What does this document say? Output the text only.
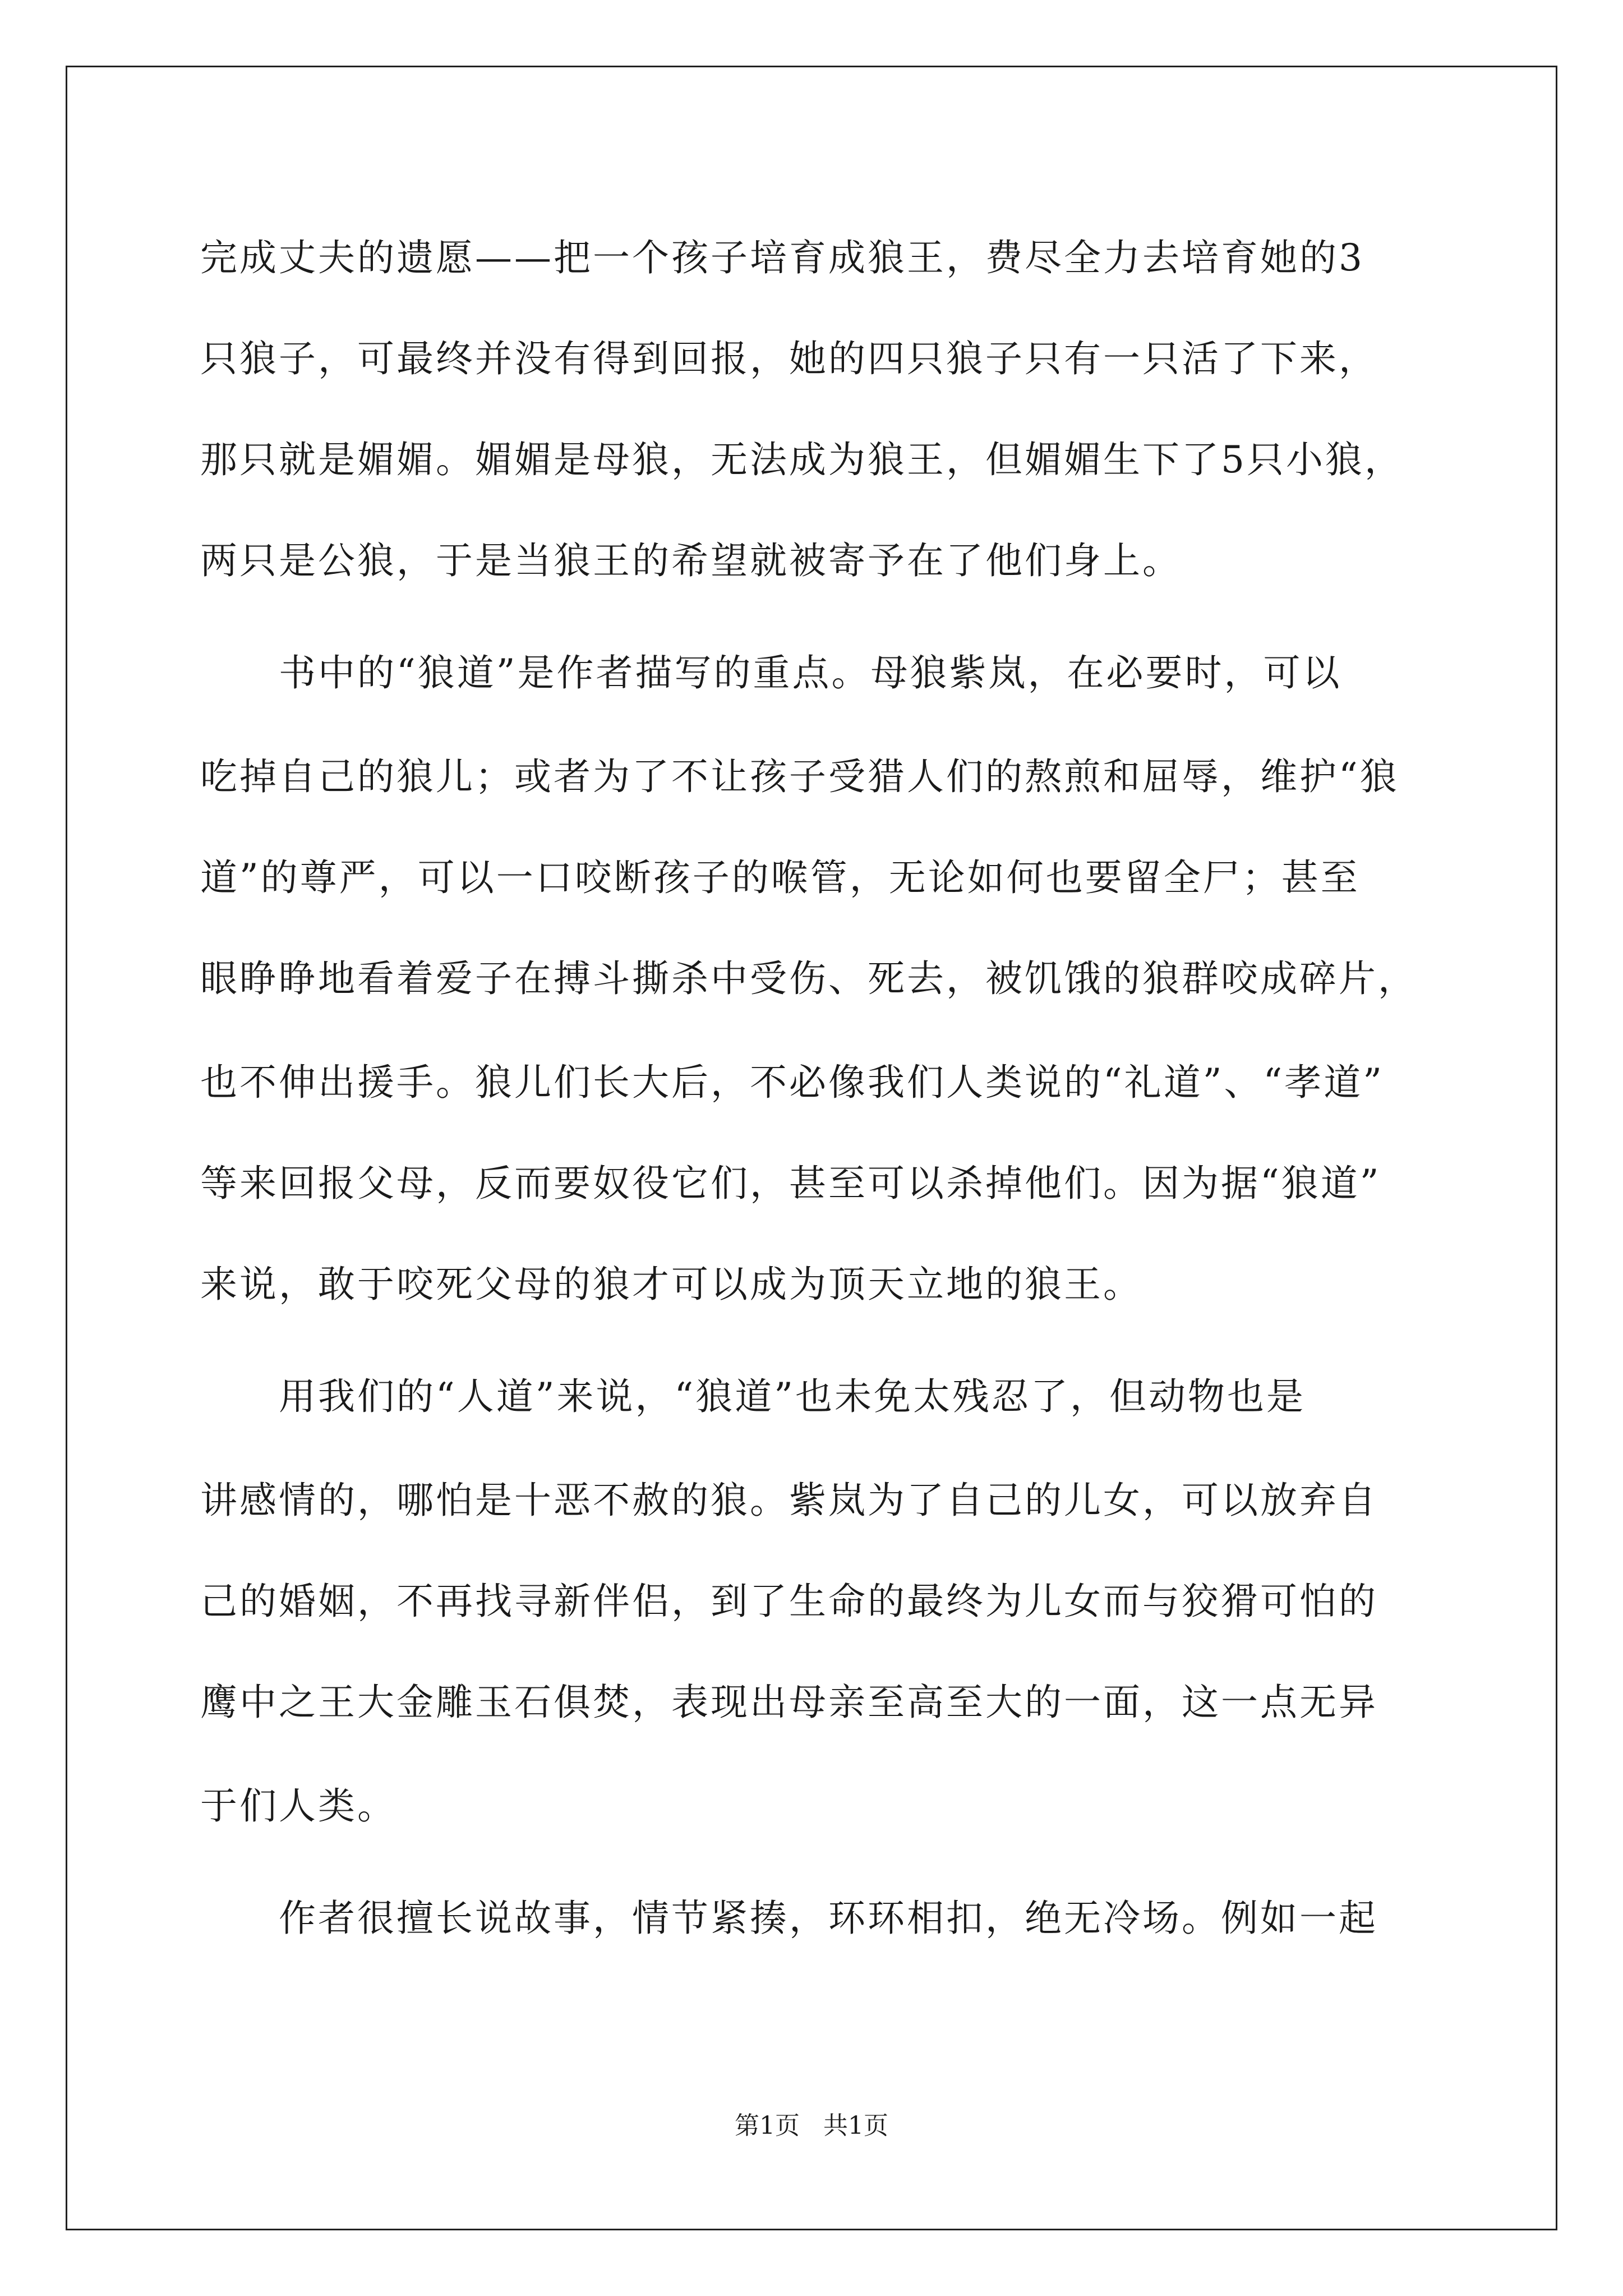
完成丈夫的遗愿——把一个孩子培育成狼王，费尽全力去培育她的3
只狼子，可最终并没有得到回报，她的四只狼子只有一只活了下来，
那只就是媚媚。媚媚是母狼，无法成为狼王，但媚媚生下了5只小狼，
两只是公狼，于是当狼王的希望就被寄予在了他们身上。
书中的“狼道”是作者描写的重点。母狼紫岚，在必要时，可以
吃掉自己的狼儿；或者为了不让孩子受猎人们的熬煎和屈辱，维护“狼
道”的尊严，可以一口咬断孩子的喉管，无论如何也要留全尸；甚至
眼睁睁地看着爱子在搏斗撕杀中受伤、死去，被饥饿的狼群咬成碎片，
也不伸出援手。狼儿们长大后，不必像我们人类说的“礼道”、“孝道”
等来回报父母，反而要奴役它们，甚至可以杀掉他们。因为据“狼道”
来说，敢于咬死父母的狼才可以成为顶天立地的狼王。
用我们的“人道”来说，“狼道”也未免太残忍了，但动物也是
讲感情的，哪怕是十恶不赦的狼。紫岚为了自己的儿女，可以放弃自
己的婚姻，不再找寻新伴侣，到了生命的最终为儿女而与狡猾可怕的
鹰中之王大金雕玉石俱焚，表现出母亲至高至大的一面，这一点无异
于们人类。
作者很擅长说故事，情节紧揍，环环相扣，绝无冷场。例如一起
第1页   共1页
